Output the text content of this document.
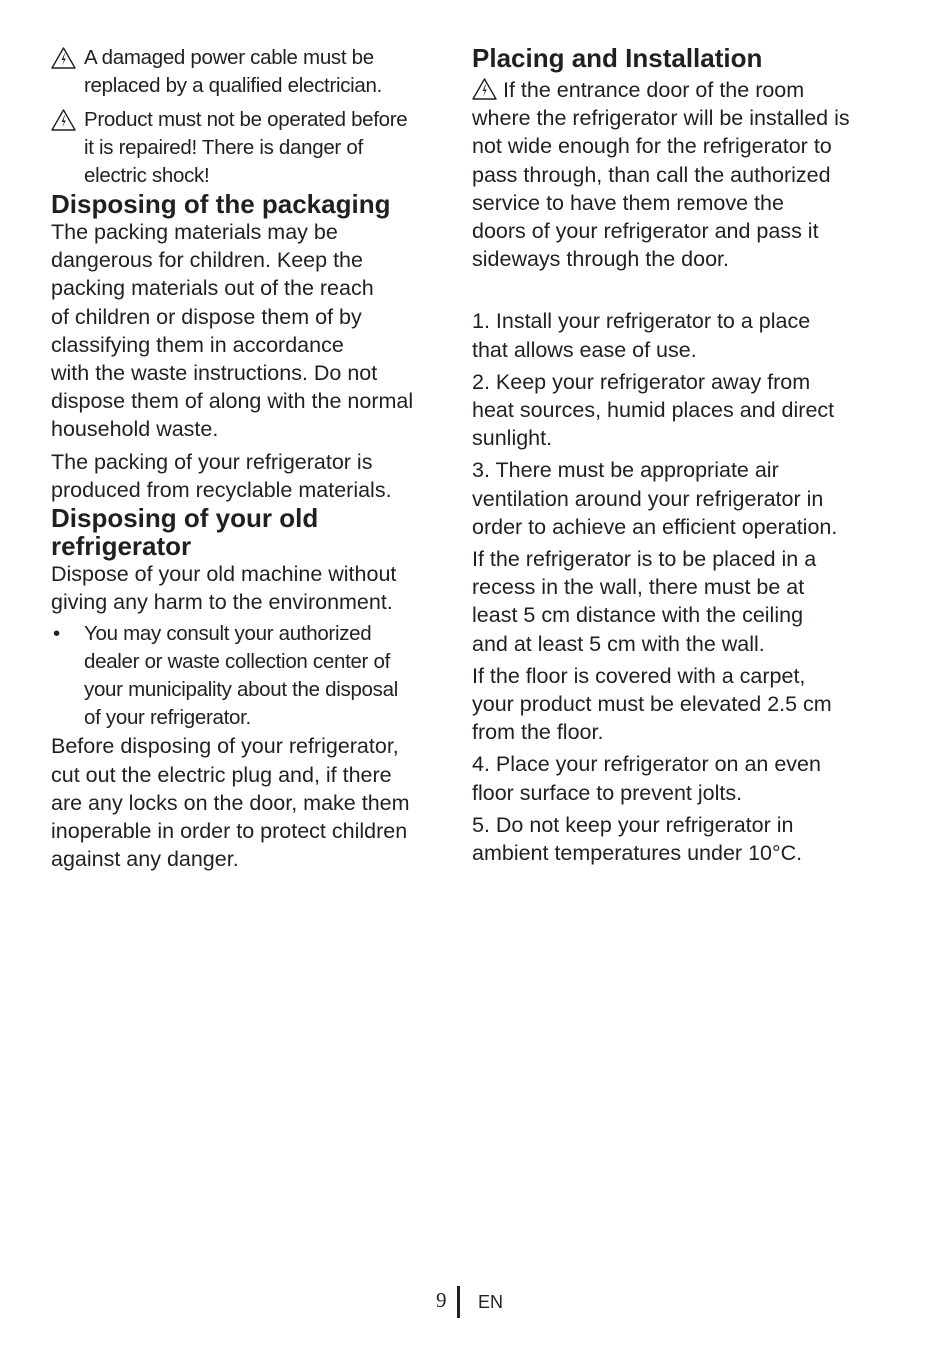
A damaged power cable must be
replaced by a qualified electrician.

Product must not be operated before
it is repaired! There is danger of
electric shock!

Disposing of the packaging

The packing materials may be
dangerous for children. Keep the
packing materials out of the reach
of children or dispose them of by
classifying them in accordance
with the waste instructions. Do not
dispose them of along with the normal
household waste.

The packing of your refrigerator is
produced from recyclable materials.

Disposing of your old
refrigerator

Dispose of your old machine without
giving any harm to the environment.

• You may consult your authorized
dealer or waste collection center of
your municipality about the disposal
of your refrigerator.

Before disposing of your refrigerator,
cut out the electric plug and, if there
are any locks on the door, make them
inoperable in order to protect children
against any danger.

Placing and Installation

If the entrance door of the room
where the refrigerator will be installed is
not wide enough for the refrigerator to
pass through, than call the authorized
service to have them remove the
doors of your refrigerator and pass it
sideways through the door.

1. Install your refrigerator to a place
that allows ease of use.

2. Keep your refrigerator away from
heat sources, humid places and direct
sunlight.

3. There must be appropriate air
ventilation around your refrigerator in
order to achieve an efficient operation.

If the refrigerator is to be placed in a
recess in the wall, there must be at
least 5 cm distance with the ceiling
and at least 5 cm with the wall.

If the floor is covered with a carpet,
your product must be elevated 2.5 cm
from the floor.

4. Place your refrigerator on an even
floor surface to prevent jolts.

5. Do not keep your refrigerator in
ambient temperatures under 10°C.

9 EN
